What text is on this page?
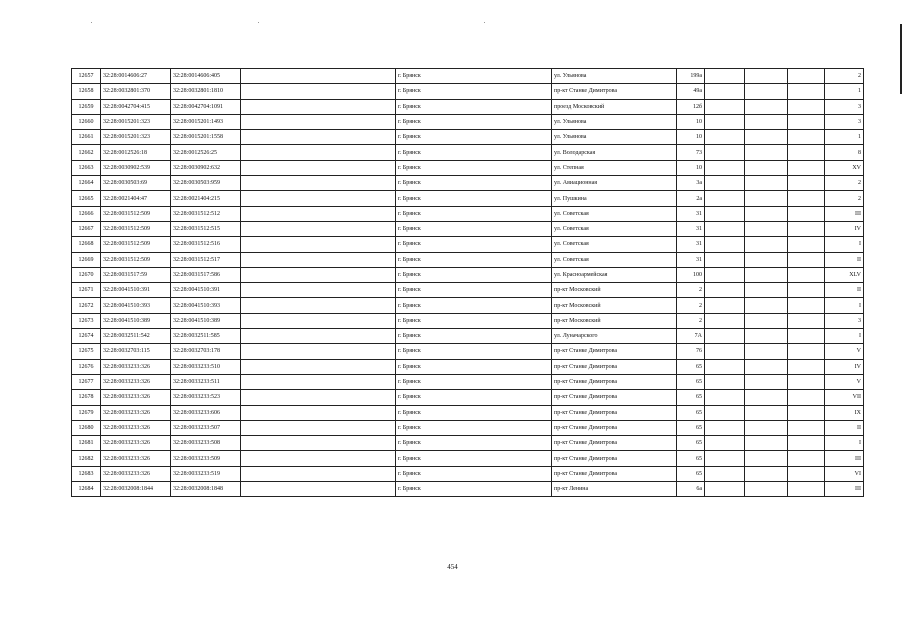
12657	32:28:0014606:27	32:28:0014606:405		г. Брянск	ул. Ульянова	199а				2
12658	32:28:0032801:370	32:28:0032801:1810		г. Брянск	пр-кт Станке Димитрова	49а				1
12659	32:28:0042704:415	32:28:0042704:1091		г. Брянск	проезд Московский	12б				3
12660	32:28:0015201:323	32:28:0015201:1493		г. Брянск	ул. Ульянова	10				3
12661	32:28:0015201:323	32:28:0015201:1558		г. Брянск	ул. Ульянова	10				1
12662	32:28:0012526:18	32:28:0012526:25		г. Брянск	ул. Володарская	73				8
12663	32:28:0030902:539	32:28:0030902:632		г. Брянск	ул. Степная	10				XV
12664	32:28:0030503:69	32:28:0030503:959		г. Брянск	ул. Авиационная	3а				2
12665	32:28:0021404:47	32:28:0021404:215		г. Брянск	ул. Пушкина	2а				2
12666	32:28:0031512:509	32:28:0031512:512		г. Брянск	ул. Советская	31				III
12667	32:28:0031512:509	32:28:0031512:515		г. Брянск	ул. Советская	31				IV
12668	32:28:0031512:509	32:28:0031512:516		г. Брянск	ул. Советская	31				I
12669	32:28:0031512:509	32:28:0031512:517		г. Брянск	ул. Советская	31				II
12670	32:28:0031517:59	32:28:0031517:586		г. Брянск	ул. Красноармейская	100				XLV
12671	32:28:0041510:391	32:28:0041510:391		г. Брянск	пр-кт Московский	2				II
12672	32:28:0041510:393	32:28:0041510:393		г. Брянск	пр-кт Московский	2				I
12673	32:28:0041510:389	32:28:0041510:389		г. Брянск	пр-кт Московский	2				3
12674	32:28:0032511:542	32:28:0032511:585		г. Брянск	ул. Луначарского	7А				I
12675	32:28:0032703:115	32:28:0032703:178		г. Брянск	пр-кт Станке Димитрова	76				V
12676	32:28:0033233:326	32:28:0033233:510		г. Брянск	пр-кт Станке Димитрова	65				IV
12677	32:28:0033233:326	32:28:0033233:511		г. Брянск	пр-кт Станке Димитрова	65				V
12678	32:28:0033233:326	32:28:0033233:523		г. Брянск	пр-кт Станке Димитрова	65				VII
12679	32:28:0033233:326	32:28:0033233:606		г. Брянск	пр-кт Станке Димитрова	65				IX
12680	32:28:0033233:326	32:28:0033233:507		г. Брянск	пр-кт Станке Димитрова	65				II
12681	32:28:0033233:326	32:28:0033233:508		г. Брянск	пр-кт Станке Димитрова	65				I
12682	32:28:0033233:326	32:28:0033233:509		г. Брянск	пр-кт Станке Димитрова	65				III
12683	32:28:0033233:326	32:28:0033233:519		г. Брянск	пр-кт Станке Димитрова	65				VI
12684	32:28:0032008:1844	32:28:0032008:1848		г. Брянск	пр-кт Ленина	6а				III
454
